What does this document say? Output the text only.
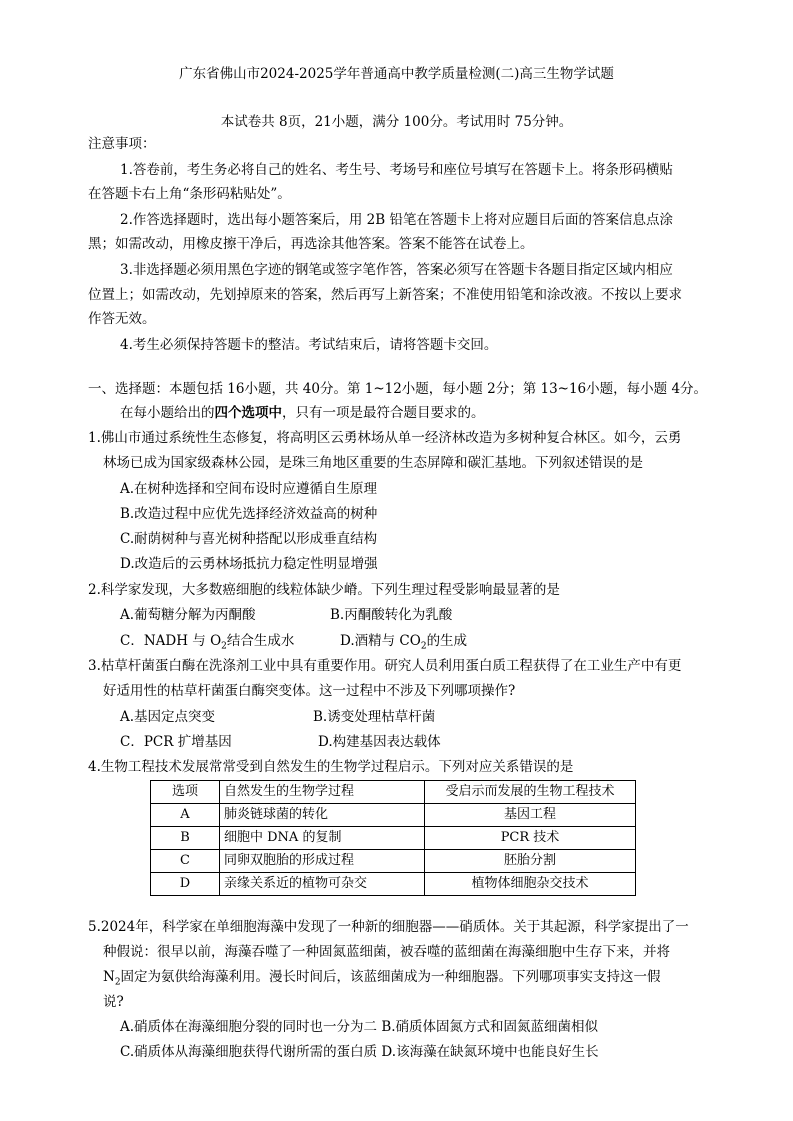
广东省佛山市2024-2025学年普通高中教学质量检测(二)高三生物学试题
本试卷共 8页，21小题，满分 100分。考试用时 75分钟。
注意事项：
1.答卷前，考生务必将自己的姓名、考生号、考场号和座位号填写在答题卡上。将条形码横贴
在答题卡右上角“条形码粘贴处”。
2.作答选择题时，选出每小题答案后，用 2B 铅笔在答题卡上将对应题目后面的答案信息点涂
黑；如需改动，用橡皮擦干净后，再选涂其他答案。答案不能答在试卷上。
3.非选择题必须用黑色字迹的钢笔或签字笔作答，答案必须写在答题卡各题目指定区域内相应
位置上；如需改动，先划掉原来的答案，然后再写上新答案；不准使用铅笔和涂改液。不按以上要求
作答无效。
4.考生必须保持答题卡的整洁。考试结束后，请将答题卡交回。
一、选择题：本题包括 16小题，共 40分。第 1~12小题，每小题 2分；第 13~16小题，每小题 4分。
在每小题给出的四个选项中，只有一项是最符合题目要求的。
1.佛山市通过系统性生态修复，将高明区云勇林场从单一经济林改造为多树种复合林区。如今，云勇
林场已成为国家级森林公园，是珠三角地区重要的生态屏障和碳汇基地。下列叙述错误的是
A.在树种选择和空间布设时应遵循自生原理
B.改造过程中应优先选择经济效益高的树种
C.耐荫树种与喜光树种搭配以形成垂直结构
D.改造后的云勇林场抵抗力稳定性明显增强
2.科学家发现，大多数癌细胞的线粒体缺少嵴。下列生理过程受影响最显著的是
A.葡萄糖分解为丙酮酸	B.丙酮酸转化为乳酸
C．NADH 与 $O_2$结合生成水	D.酒精与 $CO_2$的生成
3.枯草杆菌蛋白酶在洗涤剂工业中具有重要作用。研究人员利用蛋白质工程获得了在工业生产中有更
好适用性的枯草杆菌蛋白酶突变体。这一过程中不涉及下列哪项操作?
A.基因定点突变	B.诱变处理枯草杆菌
C．PCR 扩增基因	D.构建基因表达载体
4.生物工程技术发展常常受到自然发生的生物学过程启示。下列对应关系错误的是
选项	自然发生的生物学过程	受启示而发展的生物工程技术
A	肺炎链球菌的转化	基因工程
B	细胞中 DNA 的复制	PCR 技术
C	同卵双胞胎的形成过程	胚胎分割
D	亲缘关系近的植物可杂交	植物体细胞杂交技术
5.2024年，科学家在单细胞海藻中发现了一种新的细胞器——硝质体。关于其起源，科学家提出了一
种假说：很早以前，海藻吞噬了一种固氮蓝细菌，被吞噬的蓝细菌在海藻细胞中生存下来，并将
$N_2$固定为氨供给海藻利用。漫长时间后，该蓝细菌成为一种细胞器。下列哪项事实支持这一假
说?
A.硝质体在海藻细胞分裂的同时也一分为二 B.硝质体固氮方式和固氮蓝细菌相似
C.硝质体从海藻细胞获得代谢所需的蛋白质 D.该海藻在缺氮环境中也能良好生长
